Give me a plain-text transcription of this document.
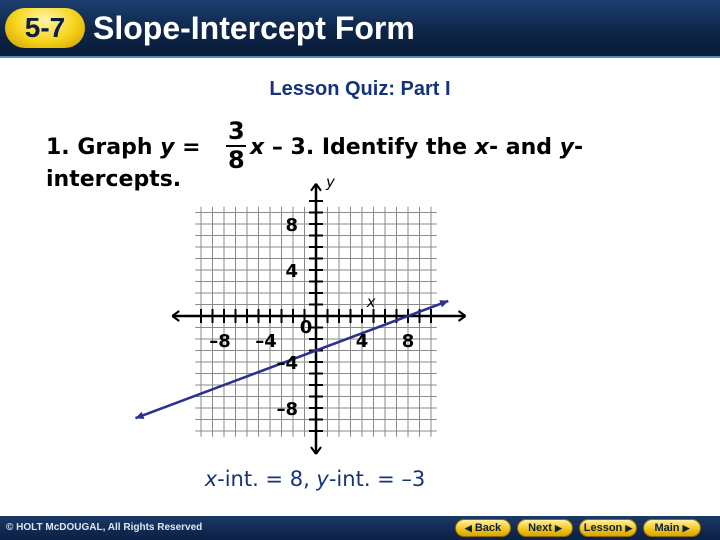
5-7 Slope-Intercept Form
Lesson Quiz: Part I
1. Graph y =
3
8 x – 3. Identify the x- and y-
intercepts.
x
y
0
–8 –4	4 8
8
4
–4
–8
x-int. = 8, y-int. = –3
© HOLT McDOUGAL, All Rights Reserved	◀ Back	Next ▶	Lesson ▶	Main ▶
